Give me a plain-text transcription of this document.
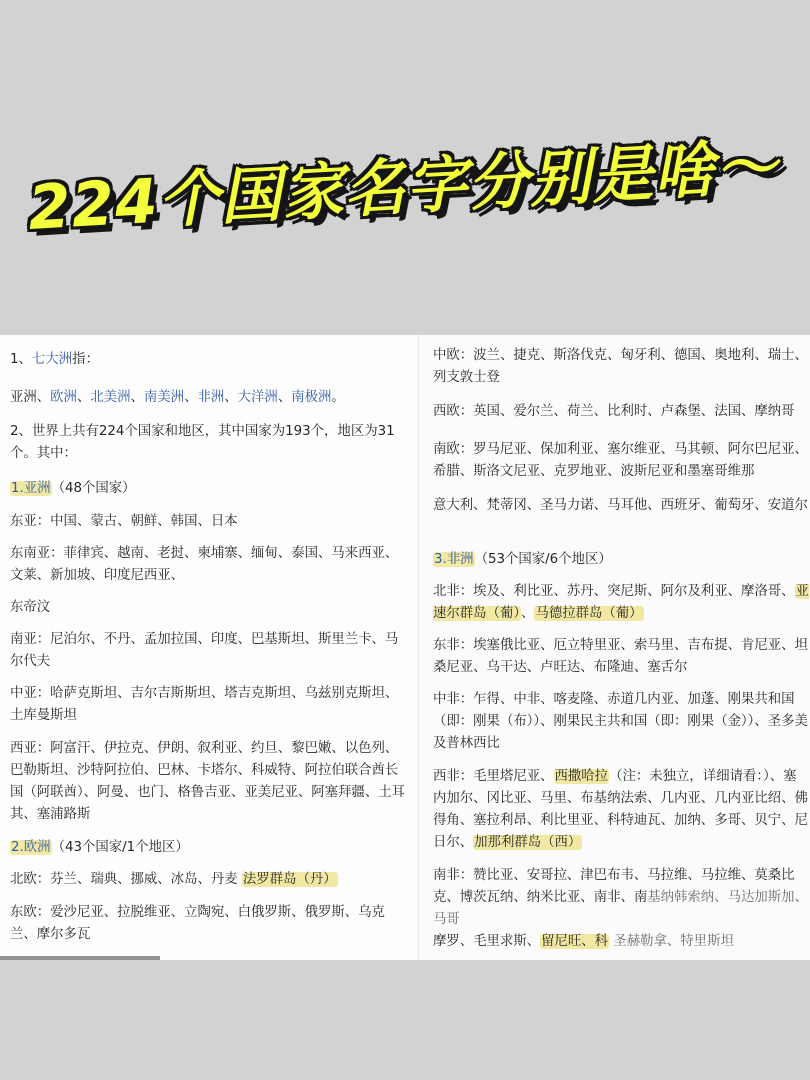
224个国家名字分别是啥～
1、七大洲指：
亚洲、欧洲、北美洲、南美洲、非洲、大洋洲、南极洲。
2、世界上共有224个国家和地区，其中国家为193个，地区为31个。其中：
1.亚洲（48个国家）
东亚：中国、蒙古、朝鲜、韩国、日本
东南亚：菲律宾、越南、老挝、柬埔寨、缅甸、泰国、马来西亚、文莱、新加坡、印度尼西亚、
东帝汶
南亚：尼泊尔、不丹、孟加拉国、印度、巴基斯坦、斯里兰卡、马尔代夫
中亚：哈萨克斯坦、吉尔吉斯斯坦、塔吉克斯坦、乌兹别克斯坦、土库曼斯坦
西亚：阿富汗、伊拉克、伊朗、叙利亚、约旦、黎巴嫩、以色列、巴勒斯坦、沙特阿拉伯、巴林、卡塔尔、科威特、阿拉伯联合酋长国（阿联酋）、阿曼、也门、格鲁吉亚、亚美尼亚、阿塞拜疆、土耳其、塞浦路斯
2.欧洲（43个国家/1个地区）
北欧：芬兰、瑞典、挪威、冰岛、丹麦 法罗群岛（丹）
东欧：爱沙尼亚、拉脱维亚、立陶宛、白俄罗斯、俄罗斯、乌克兰、摩尔多瓦
中欧：波兰、捷克、斯洛伐克、匈牙利、德国、奥地利、瑞士、列支敦士登
西欧：英国、爱尔兰、荷兰、比利时、卢森堡、法国、摩纳哥
南欧：罗马尼亚、保加利亚、塞尔维亚、马其顿、阿尔巴尼亚、希腊、斯洛文尼亚、克罗地亚、波斯尼亚和墨塞哥维那
意大利、梵蒂冈、圣马力诺、马耳他、西班牙、葡萄牙、安道尔
3.非洲（53个国家/6个地区）
北非：埃及、利比亚、苏丹、突尼斯、阿尔及利亚、摩洛哥、亚速尔群岛（葡）、马德拉群岛（葡）
东非：埃塞俄比亚、厄立特里亚、索马里、吉布提、肯尼亚、坦桑尼亚、乌干达、卢旺达、布隆迪、塞舌尔
中非：乍得、中非、喀麦隆、赤道几内亚、加蓬、刚果共和国（即：刚果（布））、刚果民主共和国（即：刚果（金））、圣多美及普林西比
西非：毛里塔尼亚、西撒哈拉（注：未独立，详细请看：）、塞内加尔、冈比亚、马里、布基纳法索、几内亚、几内亚比绍、佛得角、塞拉利昂、利比里亚、科特迪瓦、加纳、多哥、贝宁、尼日尔、加那利群岛（西）
南非：赞比亚、安哥拉、津巴布韦、马拉维、马拉维、莫桑比克、博茨瓦纳、纳米比亚、南非、南基纳韩索纳、马达加斯加、马哥
摩罗、毛里求斯、留尼旺、科 圣赫勒拿、特里斯坦
